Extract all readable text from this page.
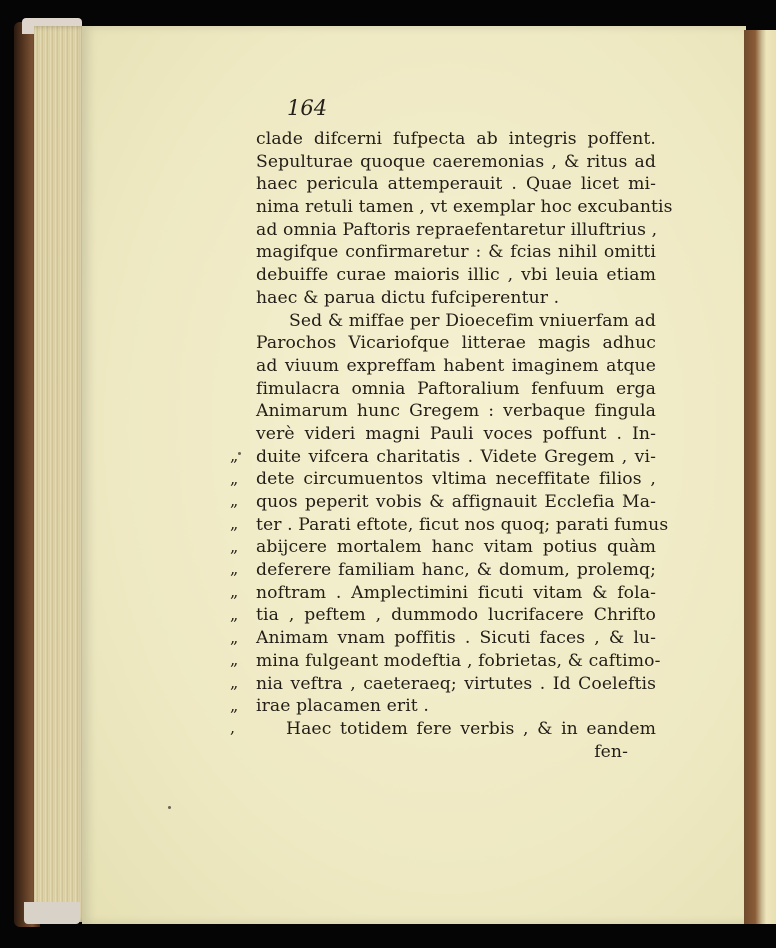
164
clade difcerni fufpecta ab integris poffent.
Sepulturae quoque caeremonias , & ritus ad
haec pericula attemperauit . Quae licet mi-
nima retuli tamen , vt exemplar hoc excubantis
ad omnia Paftoris repraefentaretur illuftrius ,
magifque confirmaretur : & fcias nihil omitti
debuiffe curae maioris illic , vbi leuia etiam
haec & parua dictu fufciperentur .
Sed & miffae per Dioecefim vniuerfam ad
Parochos Vicariofque litterae magis adhuc
ad viuum expreffam habent imaginem atque
fimulacra omnia Paftoralium fenfuum erga
Animarum hunc Gregem : verbaque fingula
verè videri magni Pauli voces poffunt . In-
duite vifcera charitatis . Videte Gregem , vi-
dete circumuentos vltima neceffitate filios ,
quos peperit vobis & affignauit Ecclefia Ma-
ter . Parati eftote, ficut nos quoq; parati fumus
abijcere mortalem hanc vitam potius quàm
deferere familiam hanc, & domum, prolemq;
noftram . Amplectimini ficuti vitam & fola-
tia , peftem , dummodo lucrifacere Chrifto
Animam vnam poffitis . Sicuti faces , & lu-
mina fulgeant modeftia , fobrietas, & caftimo-
nia veftra , caeteraeq; virtutes . Id Coeleftis
irae placamen erit .
Haec totidem fere verbis , & in eandem
fen-
„
„
„
„
„
„
„
„
„
„
„
„
,
